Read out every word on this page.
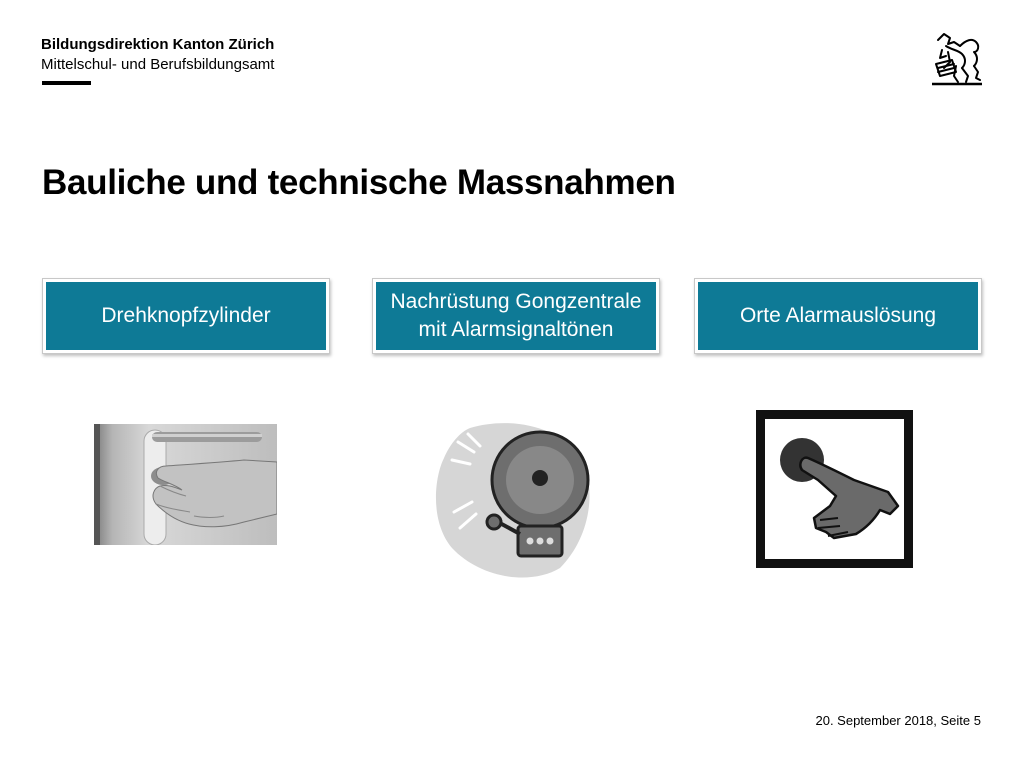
Bildungsdirektion Kanton Zürich
Mittelschul- und Berufsbildungsamt
Bauliche und technische Massnahmen
Drehknopfzylinder
Nachrüstung Gongzentrale
mit Alarmsignaltönen
Orte Alarmauslösung
20. September 2018, Seite 5
